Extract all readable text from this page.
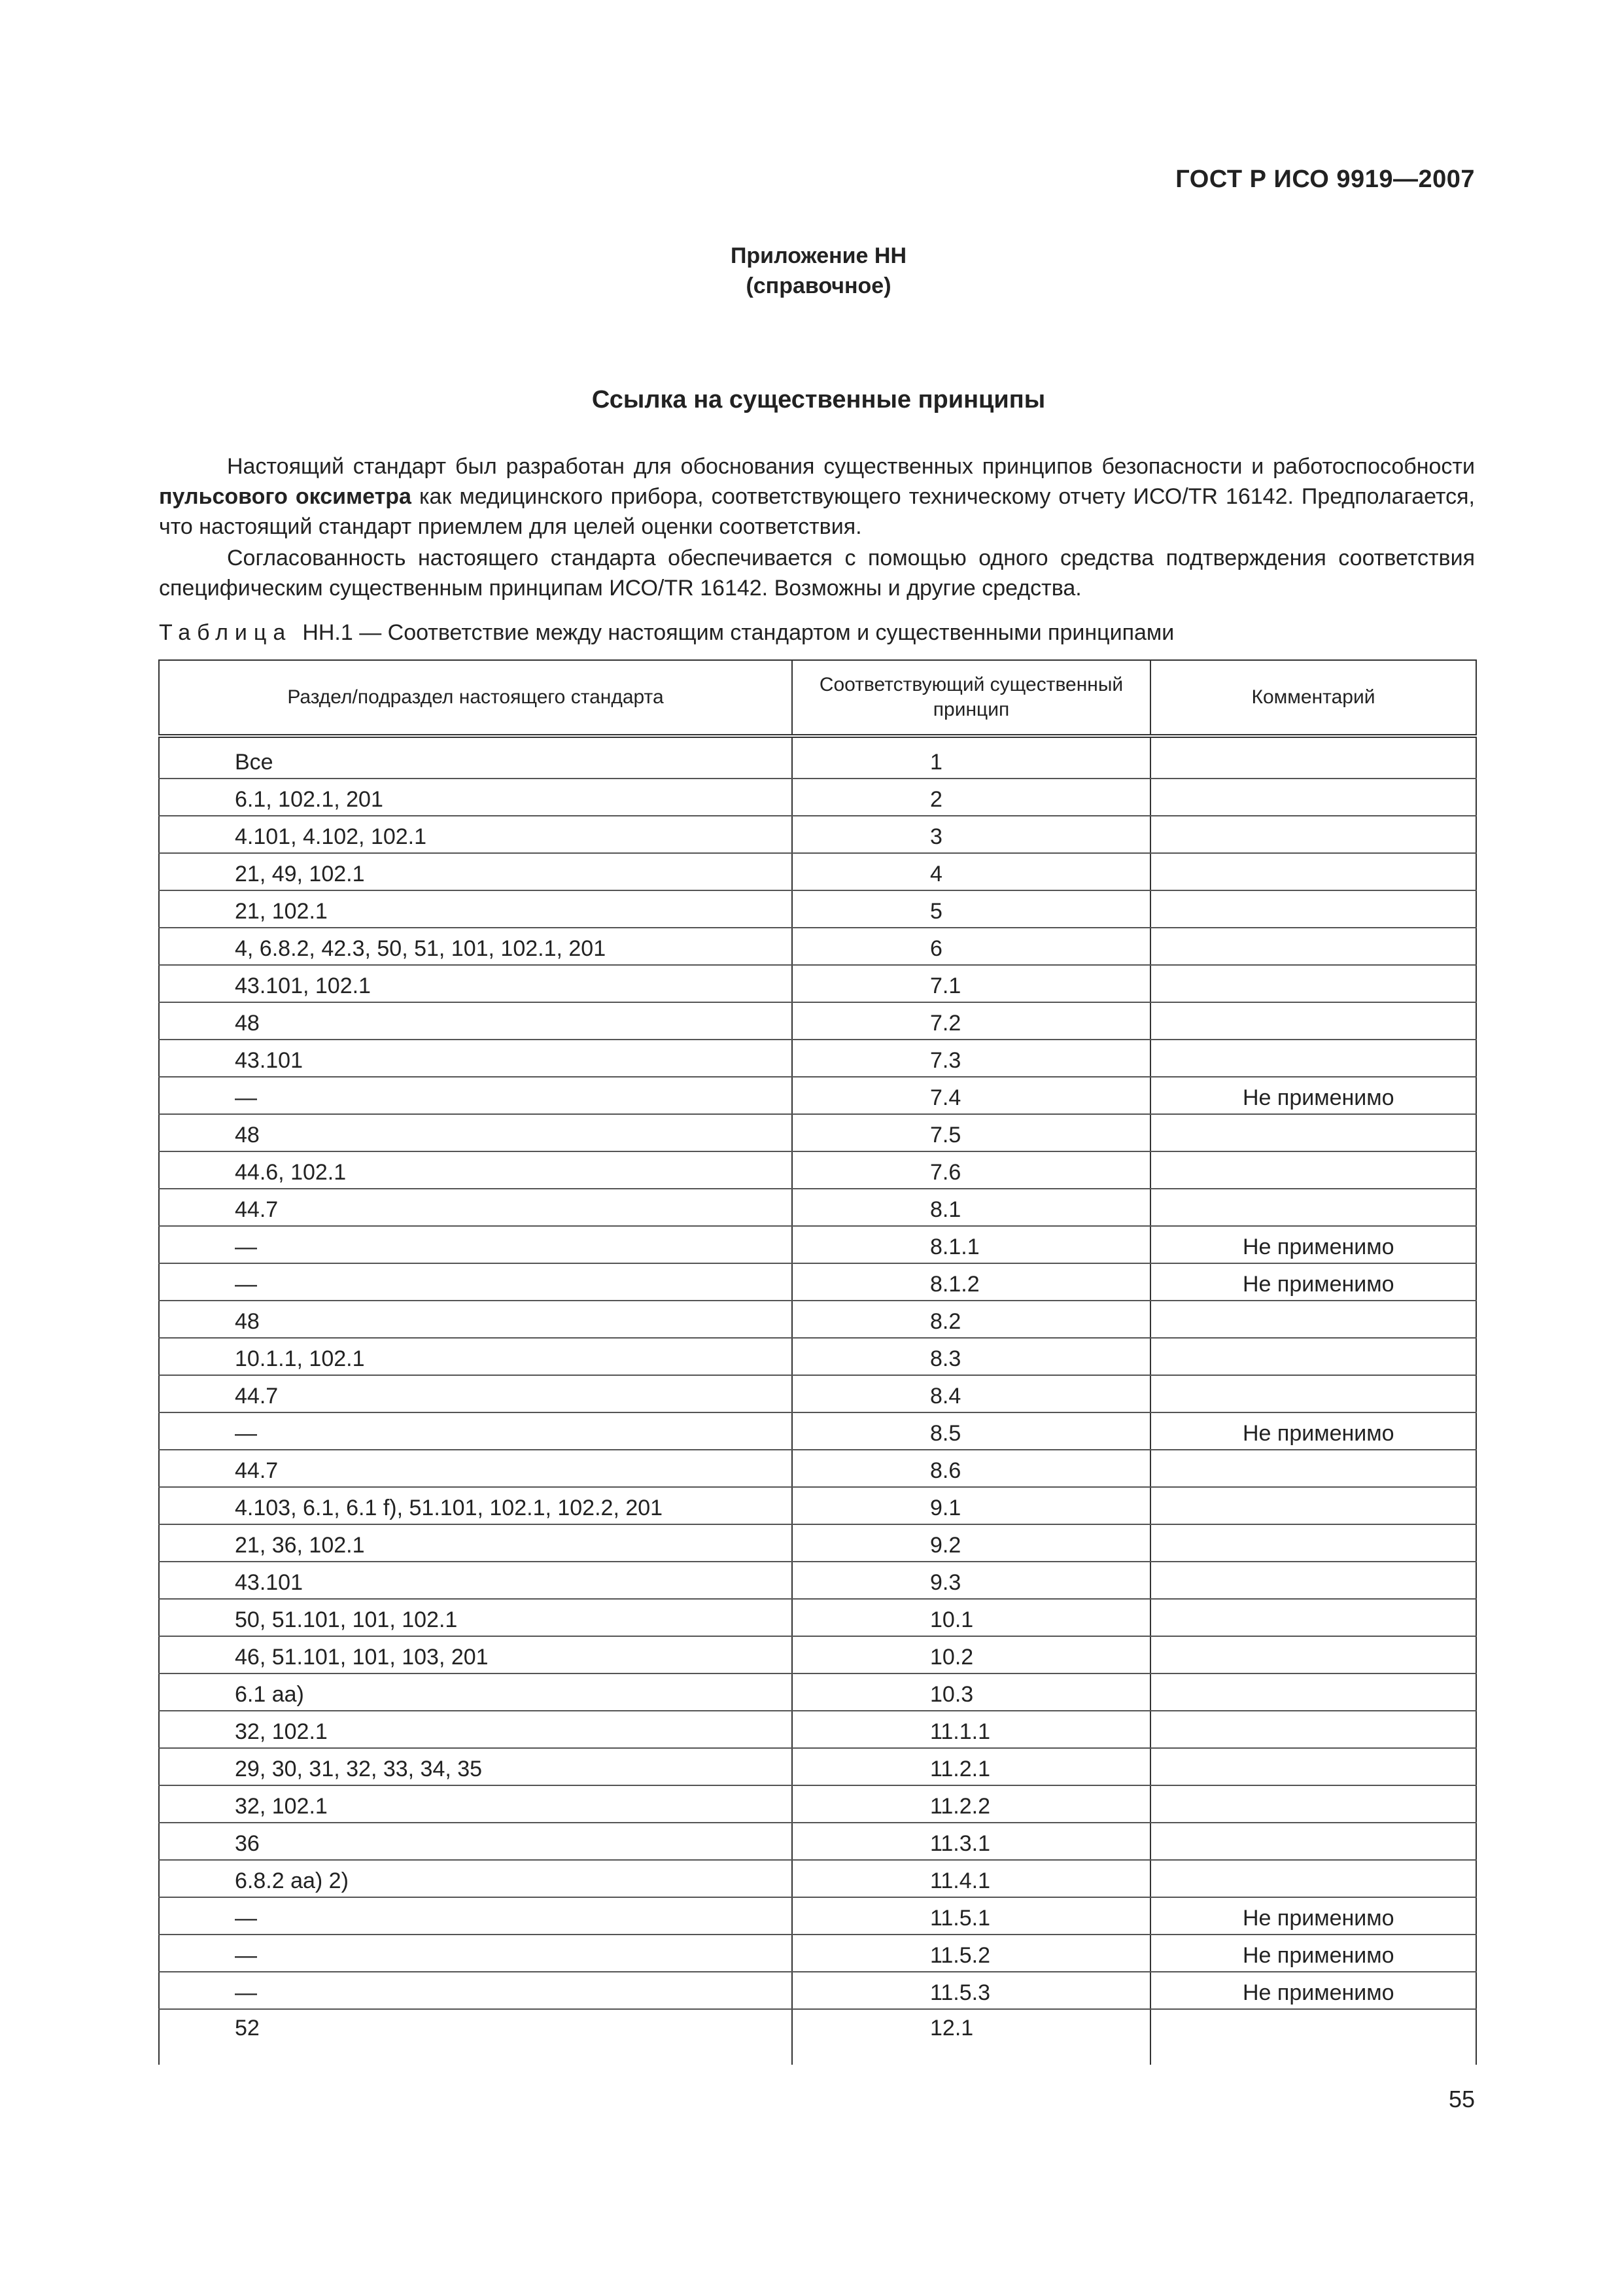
ГОСТ Р ИСО 9919—2007
Приложение НН
(справочное)
Ссылка на существенные принципы
Настоящий стандарт был разработан для обоснования существенных принципов безопасности и работоспособности пульсового оксиметра как медицинского прибора, соответствующего техническому отчету ИСО/TR 16142. Предполагается, что настоящий стандарт приемлем для целей оценки соответствия.
Согласованность настоящего стандарта обеспечивается с помощью одного средства подтверждения соответствия специфическим существенным принципам ИСО/TR 16142. Возможны и другие средства.
Таблица НН.1 — Соответствие между настоящим стандартом и существенными принципами
Раздел/подраздел настоящего стандарта	Соответствующий существенный принцип	Комментарий
Все	1	
6.1, 102.1, 201	2	
4.101, 4.102, 102.1	3	
21, 49, 102.1	4	
21, 102.1	5	
4, 6.8.2, 42.3, 50, 51, 101, 102.1, 201	6	
43.101, 102.1	7.1	
48	7.2	
43.101	7.3	
—	7.4	Не применимо
48	7.5	
44.6, 102.1	7.6	
44.7	8.1	
—	8.1.1	Не применимо
—	8.1.2	Не применимо
48	8.2	
10.1.1, 102.1	8.3	
44.7	8.4	
—	8.5	Не применимо
44.7	8.6	
4.103, 6.1, 6.1 f), 51.101, 102.1, 102.2, 201	9.1	
21, 36, 102.1	9.2	
43.101	9.3	
50, 51.101, 101, 102.1	10.1	
46, 51.101, 101, 103, 201	10.2	
6.1 aa)	10.3	
32, 102.1	11.1.1	
29, 30, 31, 32, 33, 34, 35	11.2.1	
32, 102.1	11.2.2	
36	11.3.1	
6.8.2 aa) 2)	11.4.1	
—	11.5.1	Не применимо
—	11.5.2	Не применимо
—	11.5.3	Не применимо
52	12.1	
55
